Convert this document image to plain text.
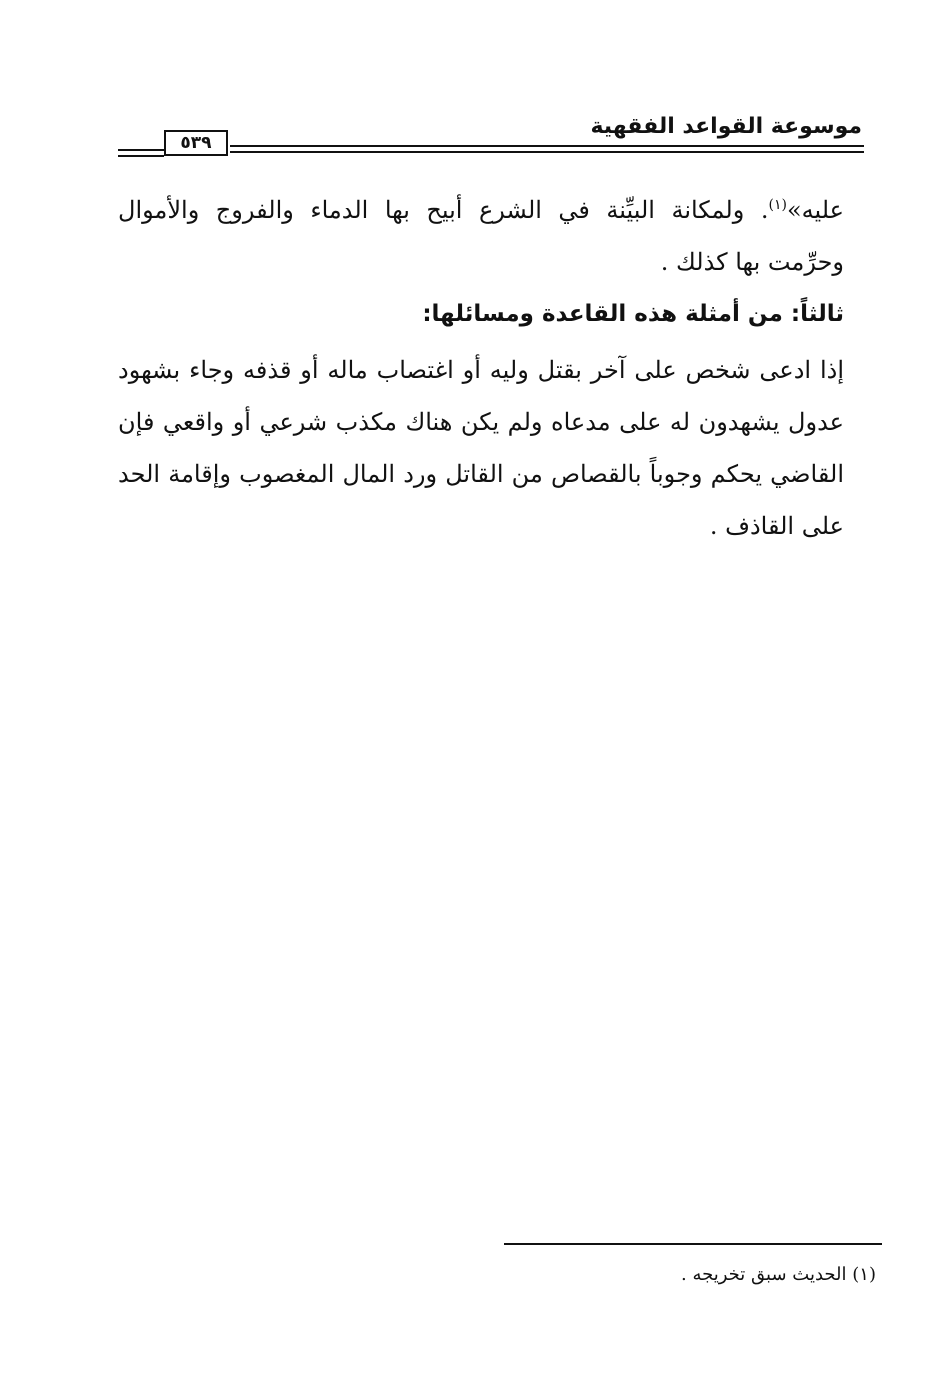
موسوعة القواعد الفقهية
٥٣٩

عليه»$^{(١)}$. ولمكانة البيِّنة في الشرع أبيح بها الدماء والفروج والأموال وحرِّمت بها كذلك .

ثالثاً: من أمثلة هذه القاعدة ومسائلها:

إذا ادعى شخص على آخر بقتل وليه أو اغتصاب ماله أو قذفه وجاء بشهود عدول يشهدون له على مدعاه ولم يكن هناك مكذب شرعي أو واقعي فإن القاضي يحكم وجوباً بالقصاص من القاتل ورد المال المغصوب وإقامة الحد على القاذف .

(١) الحديث سبق تخريجه .
